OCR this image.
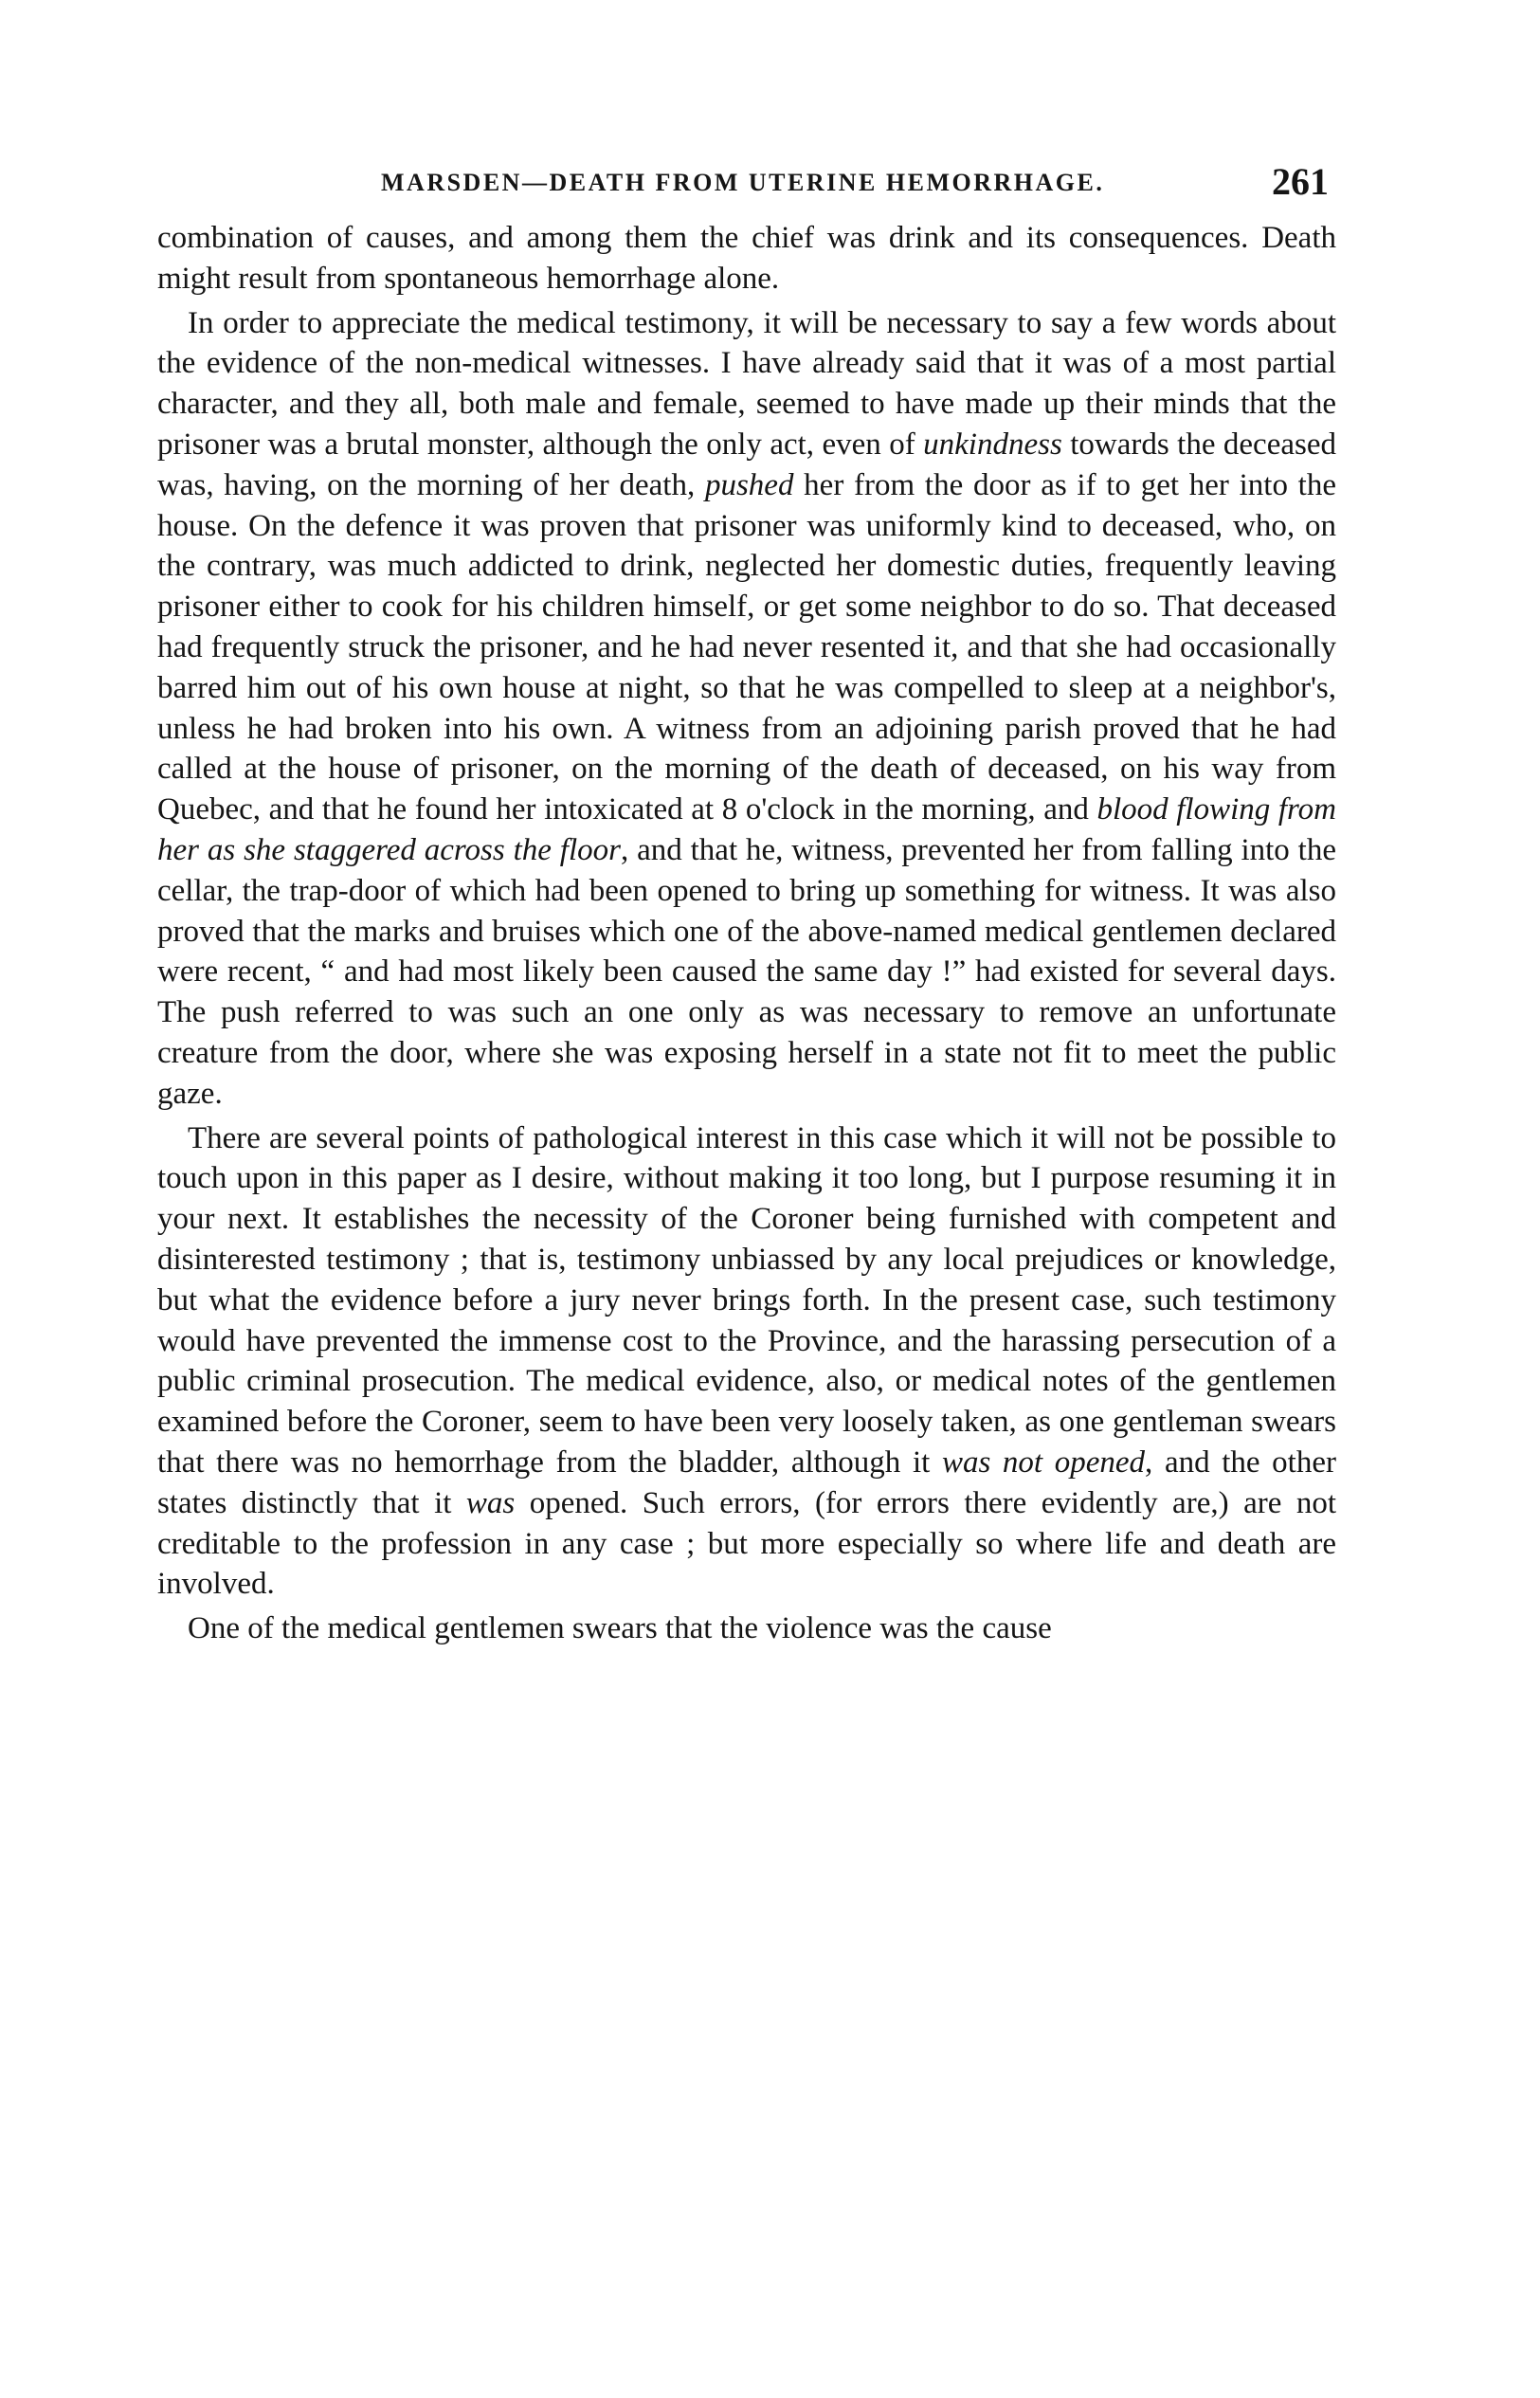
MARSDEN—DEATH FROM UTERINE HEMORRHAGE.	261

combination of causes, and among them the chief was drink and its consequences. Death might result from spontaneous hemorrhage alone.

In order to appreciate the medical testimony, it will be necessary to say a few words about the evidence of the non-medical witnesses. I have already said that it was of a most partial character, and they all, both male and female, seemed to have made up their minds that the prisoner was a brutal monster, although the only act, even of unkindness towards the deceased was, having, on the morning of her death, pushed her from the door as if to get her into the house. On the defence it was proven that prisoner was uniformly kind to deceased, who, on the contrary, was much addicted to drink, neglected her domestic duties, frequently leaving prisoner either to cook for his children himself, or get some neighbor to do so. That deceased had frequently struck the prisoner, and he had never resented it, and that she had occasionally barred him out of his own house at night, so that he was compelled to sleep at a neighbor's, unless he had broken into his own. A witness from an adjoining parish proved that he had called at the house of prisoner, on the morning of the death of deceased, on his way from Quebec, and that he found her intoxicated at 8 o'clock in the morning, and blood flowing from her as she staggered across the floor, and that he, witness, prevented her from falling into the cellar, the trap-door of which had been opened to bring up something for witness. It was also proved that the marks and bruises which one of the above-named medical gentlemen declared were recent, “ and had most likely been caused the same day !” had existed for several days. The push referred to was such an one only as was necessary to remove an unfortunate creature from the door, where she was exposing herself in a state not fit to meet the public gaze.

There are several points of pathological interest in this case which it will not be possible to touch upon in this paper as I desire, without making it too long, but I purpose resuming it in your next. It establishes the necessity of the Coroner being furnished with competent and disinterested testimony ; that is, testimony unbiassed by any local prejudices or knowledge, but what the evidence before a jury never brings forth. In the present case, such testimony would have prevented the immense cost to the Province, and the harassing persecution of a public criminal prosecution. The medical evidence, also, or medical notes of the gentlemen examined before the Coroner, seem to have been very loosely taken, as one gentleman swears that there was no hemorrhage from the bladder, although it was not opened, and the other states distinctly that it was opened. Such errors, (for errors there evidently are,) are not creditable to the profession in any case ; but more especially so where life and death are involved.

One of the medical gentlemen swears that the violence was the cause
